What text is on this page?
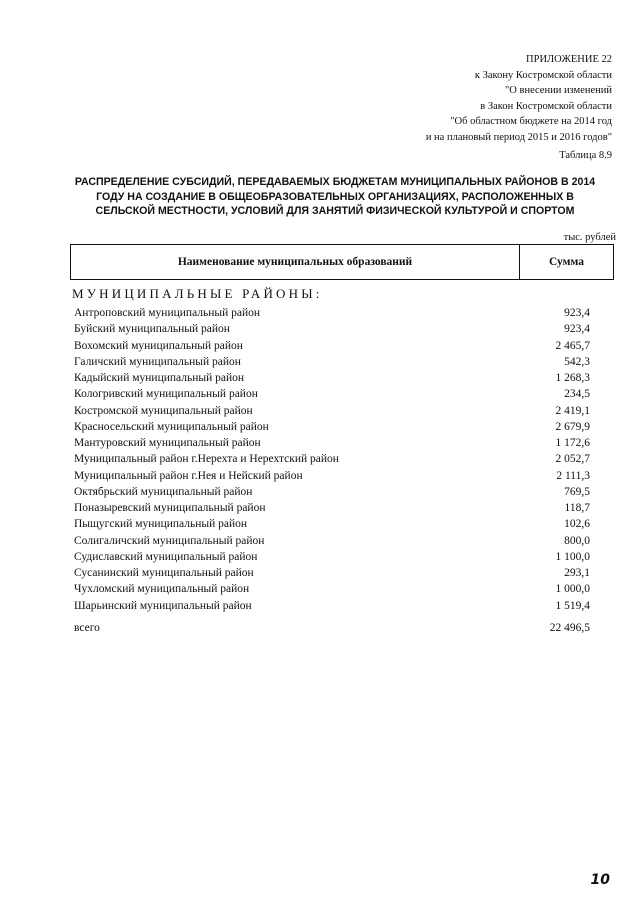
ПРИЛОЖЕНИЕ 22
к Закону Костромской области
"О внесении изменений
в Закон Костромской области
"Об областном бюджете на 2014 год
и на плановый период 2015 и 2016 годов"
Таблица 8.9
РАСПРЕДЕЛЕНИЕ СУБСИДИЙ, ПЕРЕДАВАЕМЫХ БЮДЖЕТАМ МУНИЦИПАЛЬНЫХ РАЙОНОВ В 2014
ГОДУ НА СОЗДАНИЕ В ОБЩЕОБРАЗОВАТЕЛЬНЫХ ОРГАНИЗАЦИЯХ, РАСПОЛОЖЕННЫХ В
СЕЛЬСКОЙ МЕСТНОСТИ, УСЛОВИЙ ДЛЯ ЗАНЯТИЙ ФИЗИЧЕСКОЙ КУЛЬТУРОЙ И СПОРТОМ
тыс. рублей
Наименование муниципальных образований	Сумма
МУНИЦИПАЛЬНЫЕ РАЙОНЫ:
Антроповский муниципальный район	923,4
Буйский муниципальный район	923,4
Вохомский муниципальный район	2 465,7
Галичский муниципальный район	542,3
Кадыйский муниципальный район	1 268,3
Кологривский муниципальный район	234,5
Костромской муниципальный район	2 419,1
Красносельский муниципальный район	2 679,9
Мантуровский муниципальный район	1 172,6
Муниципальный район г.Нерехта и Нерехтский район	2 052,7
Муниципальный район г.Нея и Нейский район	2 111,3
Октябрьский муниципальный район	769,5
Поназыревский муниципальный район	118,7
Пыщугский муниципальный район	102,6
Солигаличский муниципальный район	800,0
Судиславский муниципальный район	1 100,0
Сусанинский муниципальный район	293,1
Чухломский муниципальный район	1 000,0
Шарьинский муниципальный район	1 519,4
всего	22 496,5
10
